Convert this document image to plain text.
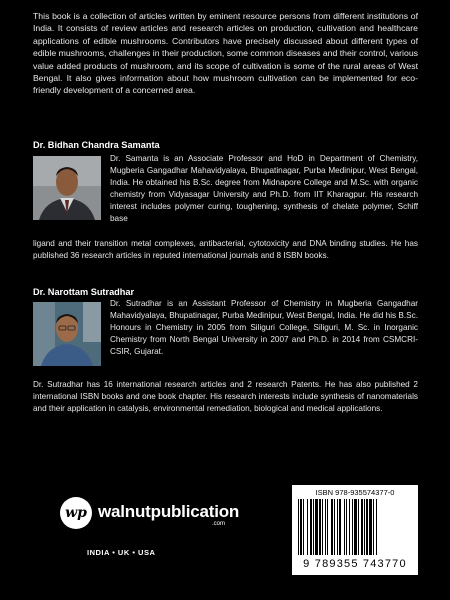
This book is a collection of articles written by eminent resource persons from different institutions of India. It consists of review articles and research articles on production, cultivation and healthcare applications of edible mushrooms. Contributors have precisely discussed about different types of edible mushrooms, challenges in their production, some common diseases and their control, various value added products of mushroom, and its scope of cultivation is some of the rural areas of West Bengal. It also gives information about how mushroom cultivation can be implemented for eco-friendly development of a concerned area.
Dr. Bidhan Chandra Samanta
Dr. Samanta is an Associate Professor and HoD in Department of Chemistry, Mugberia Gangadhar Mahavidyalaya, Bhupatinagar, Purba Medinipur, West Bengal, India. He obtained his B.Sc. degree from Midnapore College and M.Sc. with organic chemistry from Vidyasagar University and Ph.D. from IIT Kharagpur. His research interest includes polymer curing, toughening, synthesis of chelate polymer, Schiff base
ligand and their transition metal complexes, antibacterial, cytotoxicity and DNA binding studies. He has published 36 research articles in reputed international journals and 8 ISBN books.
Dr. Narottam Sutradhar
Dr. Sutradhar is an Assistant Professor of Chemistry in Mugberia Gangadhar Mahavidyalaya, Bhupatinagar, Purba Medinipur, West Bengal, India. He did his B.Sc. Honours in Chemistry in 2005 from Siliguri College, Siliguri, M. Sc. in Inorganic Chemistry from North Bengal University in 2007 and Ph.D. in 2014 from CSMCRI-CSIR, Gujarat.
Dr. Sutradhar has 16 international research articles and 2 research Patents. He has also published 2 international ISBN books and one book chapter. His research interests include synthesis of nanomaterials and their application in catalysis, environmental remediation, biological and medical applications.
wp walnutpublication
.com
INDIA • UK • USA
ISBN 978-935574377-0
9 789355 743770
